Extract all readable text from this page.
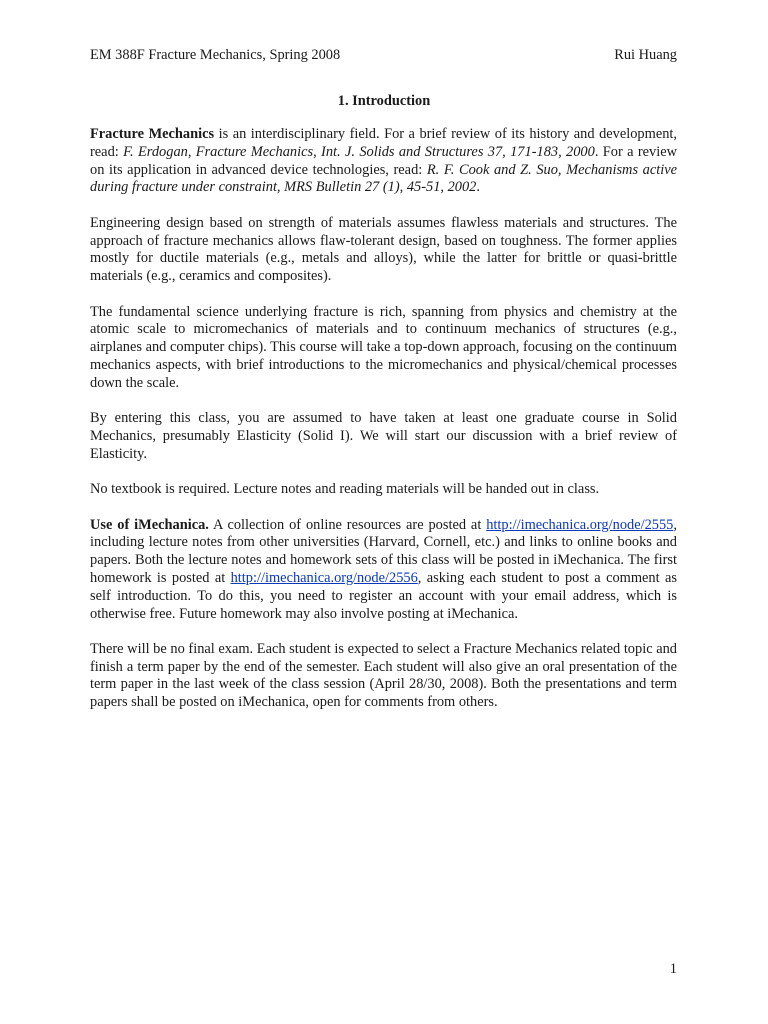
EM 388F Fracture Mechanics, Spring 2008	Rui Huang
1. Introduction

Fracture Mechanics is an interdisciplinary field. For a brief review of its history and development, read: F. Erdogan, Fracture Mechanics, Int. J. Solids and Structures 37, 171-183, 2000. For a review on its application in advanced device technologies, read: R. F. Cook and Z. Suo, Mechanisms active during fracture under constraint, MRS Bulletin 27 (1), 45-51, 2002.

Engineering design based on strength of materials assumes flawless materials and structures. The approach of fracture mechanics allows flaw-tolerant design, based on toughness. The former applies mostly for ductile materials (e.g., metals and alloys), while the latter for brittle or quasi-brittle materials (e.g., ceramics and composites).

The fundamental science underlying fracture is rich, spanning from physics and chemistry at the atomic scale to micromechanics of materials and to continuum mechanics of structures (e.g., airplanes and computer chips). This course will take a top-down approach, focusing on the continuum mechanics aspects, with brief introductions to the micromechanics and physical/chemical processes down the scale.

By entering this class, you are assumed to have taken at least one graduate course in Solid Mechanics, presumably Elasticity (Solid I). We will start our discussion with a brief review of Elasticity.

No textbook is required. Lecture notes and reading materials will be handed out in class.

Use of iMechanica. A collection of online resources are posted at http://imechanica.org/node/2555, including lecture notes from other universities (Harvard, Cornell, etc.) and links to online books and papers. Both the lecture notes and homework sets of this class will be posted in iMechanica. The first homework is posted at http://imechanica.org/node/2556, asking each student to post a comment as self introduction. To do this, you need to register an account with your email address, which is otherwise free. Future homework may also involve posting at iMechanica.

There will be no final exam. Each student is expected to select a Fracture Mechanics related topic and finish a term paper by the end of the semester. Each student will also give an oral presentation of the term paper in the last week of the class session (April 28/30, 2008). Both the presentations and term papers shall be posted on iMechanica, open for comments from others.

1
